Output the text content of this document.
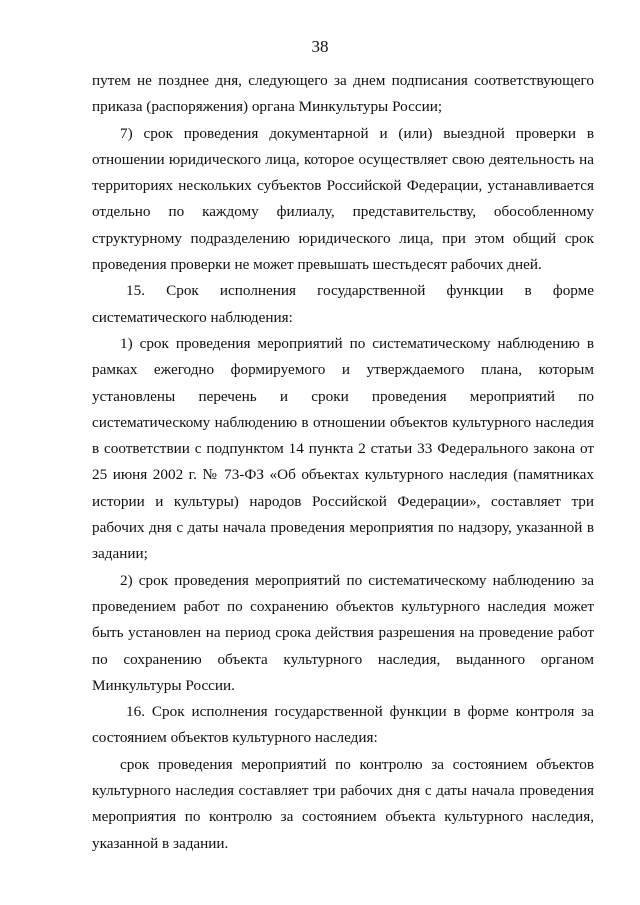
38

путем не позднее дня, следующего за днем подписания соответствующего приказа (распоряжения) органа Минкультуры России;

7) срок проведения документарной и (или) выездной проверки в отношении юридического лица, которое осуществляет свою деятельность на территориях нескольких субъектов Российской Федерации, устанавливается отдельно по каждому филиалу, представительству, обособленному структурному подразделению юридического лица, при этом общий срок проведения проверки не может превышать шестьдесят рабочих дней.

15. Срок исполнения государственной функции в форме систематического наблюдения:

1) срок проведения мероприятий по систематическому наблюдению в рамках ежегодно формируемого и утверждаемого плана, которым установлены перечень и сроки проведения мероприятий по систематическому наблюдению в отношении объектов культурного наследия в соответствии с подпунктом 14 пункта 2 статьи 33 Федерального закона от 25 июня 2002 г. № 73-ФЗ «Об объектах культурного наследия (памятниках истории и культуры) народов Российской Федерации», составляет три рабочих дня с даты начала проведения мероприятия по надзору, указанной в задании;

2) срок проведения мероприятий по систематическому наблюдению за проведением работ по сохранению объектов культурного наследия может быть установлен на период срока действия разрешения на проведение работ по сохранению объекта культурного наследия, выданного органом Минкультуры России.

16. Срок исполнения государственной функции в форме контроля за состоянием объектов культурного наследия:

срок проведения мероприятий по контролю за состоянием объектов культурного наследия составляет три рабочих дня с даты начала проведения мероприятия по контролю за состоянием объекта культурного наследия, указанной в задании.
